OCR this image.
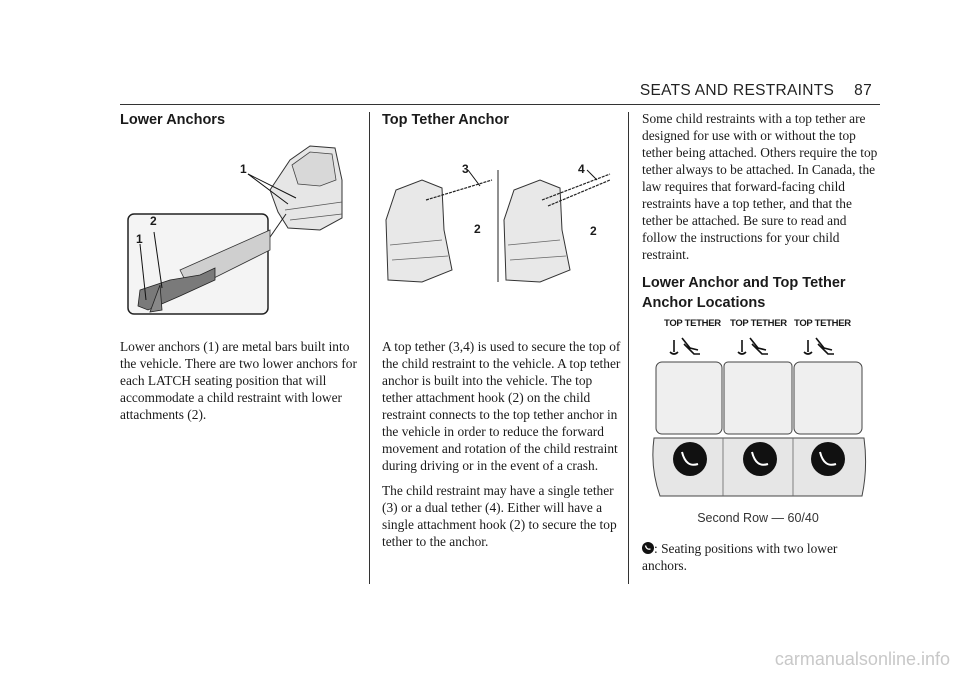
SEATS AND RESTRAINTS 87
Lower Anchors
1
2
1

Lower anchors (1) are metal bars built into the vehicle. There are two lower anchors for each LATCH seating position that will accommodate a child restraint with lower attachments (2).

Top Tether Anchor
3
2
4
2

A top tether (3,4) is used to secure the top of the child restraint to the vehicle. A top tether anchor is built into the vehicle. The top tether attachment hook (2) on the child restraint connects to the top tether anchor in the vehicle in order to reduce the forward movement and rotation of the child restraint during driving or in the event of a crash.

The child restraint may have a single tether (3) or a dual tether (4). Either will have a single attachment hook (2) to secure the top tether to the anchor.

Some child restraints with a top tether are designed for use with or without the top tether being attached. Others require the top tether always to be attached. In Canada, the law requires that forward-facing child restraints have a top tether, and that the tether be attached. Be sure to read and follow the instructions for your child restraint.

Lower Anchor and Top Tether Anchor Locations
TOP TETHER TOP TETHER TOP TETHER
Second Row — 60/40

: Seating positions with two lower anchors.

carmanualsonline.info
